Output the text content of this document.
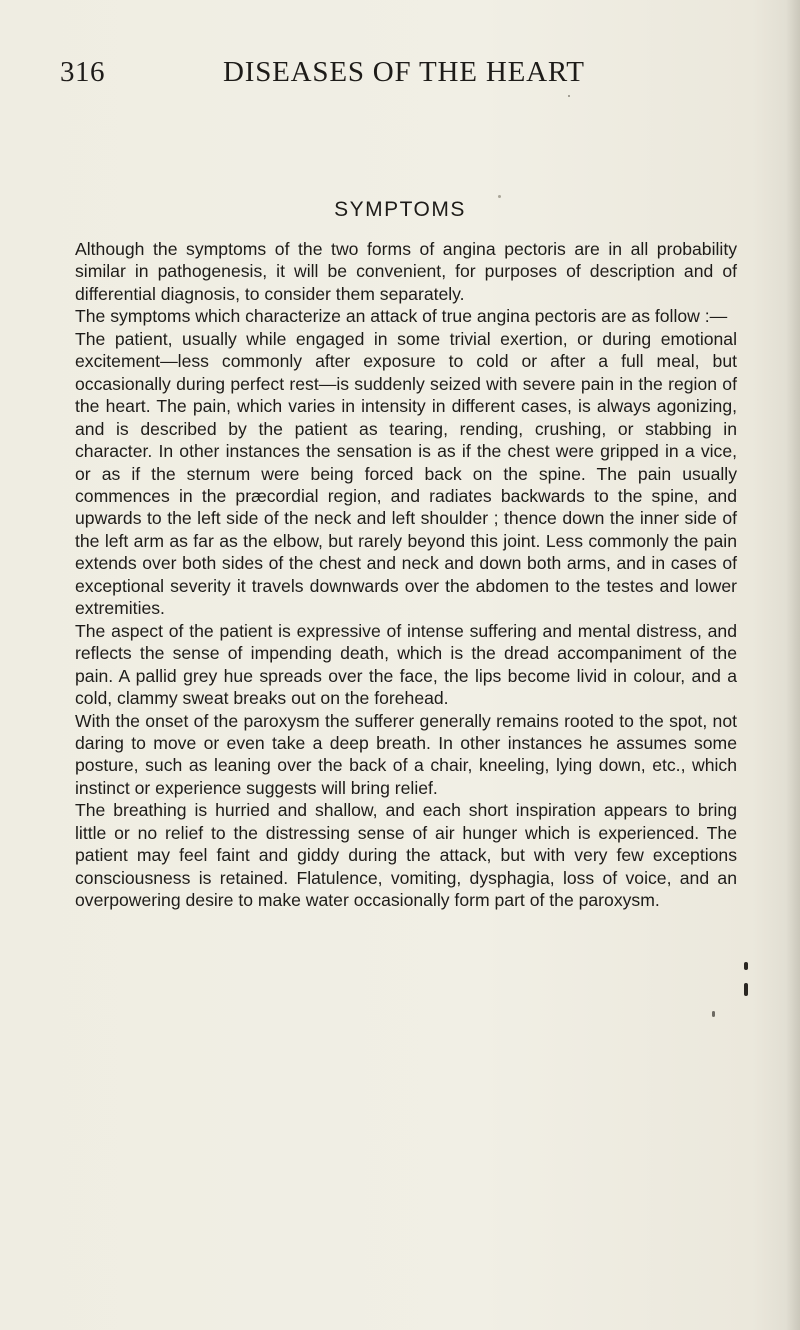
316	DISEASES OF THE HEART
SYMPTOMS

Although the symptoms of the two forms of angina pectoris are in all probability similar in pathogenesis, it will be convenient, for purposes of description and of differential diagnosis, to consider them separately.

The symptoms which characterize an attack of true angina pectoris are as follow :—

The patient, usually while engaged in some trivial exertion, or during emotional excitement—less commonly after exposure to cold or after a full meal, but occasionally during perfect rest—is suddenly seized with severe pain in the region of the heart. The pain, which varies in intensity in different cases, is always agonizing, and is described by the patient as tearing, rending, crushing, or stabbing in character. In other instances the sensation is as if the chest were gripped in a vice, or as if the sternum were being forced back on the spine. The pain usually commences in the præcordial region, and radiates backwards to the spine, and upwards to the left side of the neck and left shoulder ; thence down the inner side of the left arm as far as the elbow, but rarely beyond this joint. Less commonly the pain extends over both sides of the chest and neck and down both arms, and in cases of exceptional severity it travels downwards over the abdomen to the testes and lower extremities.

The aspect of the patient is expressive of intense suffering and mental distress, and reflects the sense of impending death, which is the dread accompaniment of the pain. A pallid grey hue spreads over the face, the lips become livid in colour, and a cold, clammy sweat breaks out on the forehead.

With the onset of the paroxysm the sufferer generally remains rooted to the spot, not daring to move or even take a deep breath. In other instances he assumes some posture, such as leaning over the back of a chair, kneeling, lying down, etc., which instinct or experience suggests will bring relief.

The breathing is hurried and shallow, and each short inspiration appears to bring little or no relief to the distressing sense of air hunger which is experienced. The patient may feel faint and giddy during the attack, but with very few exceptions consciousness is retained. Flatulence, vomiting, dysphagia, loss of voice, and an overpowering desire to make water occasionally form part of the paroxysm.
